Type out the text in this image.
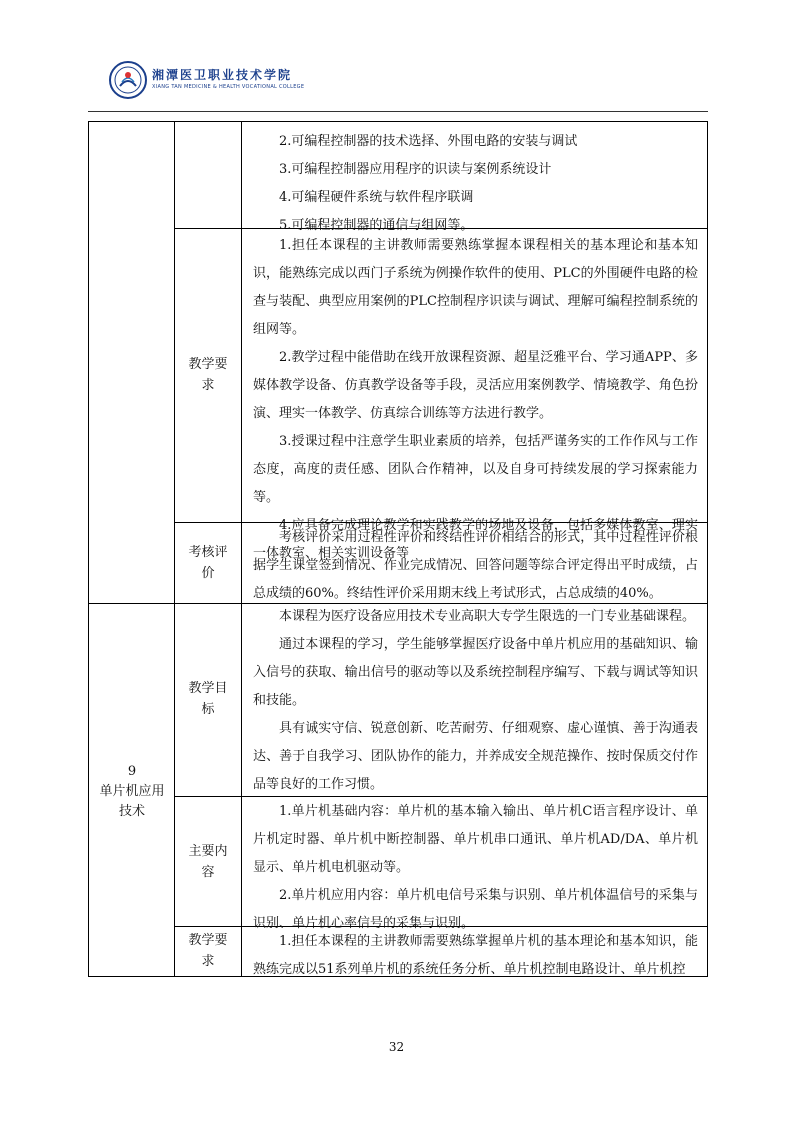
湘潭医卫职业技术学院
XIANG TAN MEDICINE & HEALTH VOCATIONAL COLLEGE

2.可编程控制器的技术选择、外围电路的安装与调试

3.可编程控制器应用程序的识读与案例系统设计

4.可编程硬件系统与软件程序联调

5.可编程控制器的通信与组网等。

教学要求

1.担任本课程的主讲教师需要熟练掌握本课程相关的基本理论和基本知识，能熟练完成以西门子系统为例操作软件的使用、PLC的外围硬件电路的检查与装配、典型应用案例的PLC控制程序识读与调试、理解可编程控制系统的组网等。

2.教学过程中能借助在线开放课程资源、超星泛雅平台、学习通APP、多媒体教学设备、仿真教学设备等手段，灵活应用案例教学、情境教学、角色扮演、理实一体教学、仿真综合训练等方法进行教学。

3.授课过程中注意学生职业素质的培养，包括严谨务实的工作作风与工作态度，高度的责任感、团队合作精神，以及自身可持续发展的学习探索能力等。

4.应具备完成理论教学和实践教学的场地及设备，包括多媒体教室、理实一体教室、相关实训设备等

考核评价

考核评价采用过程性评价和终结性评价相结合的形式，其中过程性评价根据学生课堂签到情况、作业完成情况、回答问题等综合评定得出平时成绩，占总成绩的60%。终结性评价采用期末线上考试形式，占总成绩的40%。

9
单片机应用技术
教学目标

本课程为医疗设备应用技术专业高职大专学生限选的一门专业基础课程。

通过本课程的学习，学生能够掌握医疗设备中单片机应用的基础知识、输入信号的获取、输出信号的驱动等以及系统控制程序编写、下载与调试等知识和技能。

具有诚实守信、锐意创新、吃苦耐劳、仔细观察、虚心谨慎、善于沟通表达、善于自我学习、团队协作的能力，并养成安全规范操作、按时保质交付作品等良好的工作习惯。

主要内容

1.单片机基础内容：单片机的基本输入输出、单片机C语言程序设计、单片机定时器、单片机中断控制器、单片机串口通讯、单片机AD/DA、单片机显示、单片机电机驱动等。

2.单片机应用内容：单片机电信号采集与识别、单片机体温信号的采集与识别、单片机心率信号的采集与识别。

教学要求

1.担任本课程的主讲教师需要熟练掌握单片机的基本理论和基本知识，能熟练完成以51系列单片机的系统任务分析、单片机控制电路设计、单片机控

32
